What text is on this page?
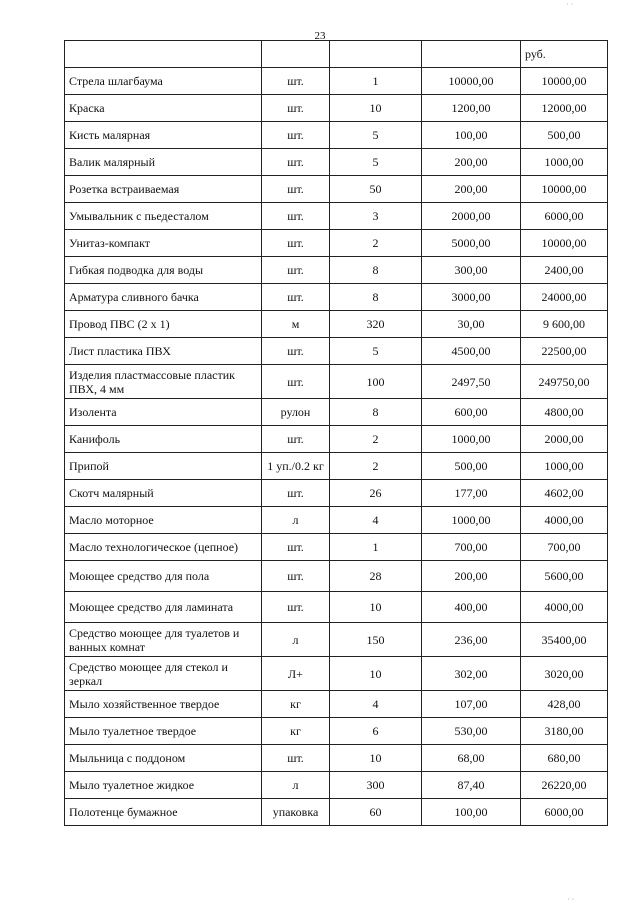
23
				руб.
Стрела шлагбаума	шт.	1	10000,00	10000,00
Краска	шт.	10	1200,00	12000,00
Кисть малярная	шт.	5	100,00	500,00
Валик малярный	шт.	5	200,00	1000,00
Розетка встраиваемая	шт.	50	200,00	10000,00
Умывальник с пьедесталом	шт.	3	2000,00	6000,00
Унитаз-компакт	шт.	2	5000,00	10000,00
Гибкая подводка для воды	шт.	8	300,00	2400,00
Арматура сливного бачка	шт.	8	3000,00	24000,00
Провод ПВС (2 х 1)	м	320	30,00	9 600,00
Лист пластика ПВХ	шт.	5	4500,00	22500,00
Изделия пластмассовые пластик ПВХ, 4 мм	шт.	100	2497,50	249750,00
Изолента	рулон	8	600,00	4800,00
Канифоль	шт.	2	1000,00	2000,00
Припой	1 уп./0.2 кг	2	500,00	1000,00
Скотч малярный	шт.	26	177,00	4602,00
Масло моторное	л	4	1000,00	4000,00
Масло технологическое (цепное)	шт.	1	700,00	700,00
Моющее средство для пола	шт.	28	200,00	5600,00
Моющее средство для ламината	шт.	10	400,00	4000,00
Средство моющее для туалетов и ванных комнат	л	150	236,00	35400,00
Средство моющее для стекол и зеркал	Л+	10	302,00	3020,00
Мыло хозяйственное твердое	кг	4	107,00	428,00
Мыло туалетное твердое	кг	6	530,00	3180,00
Мыльница с поддоном	шт.	10	68,00	680,00
Мыло туалетное жидкое	л	300	87,40	26220,00
Полотенце бумажное	упаковка	60	100,00	6000,00
· ·
· ·
